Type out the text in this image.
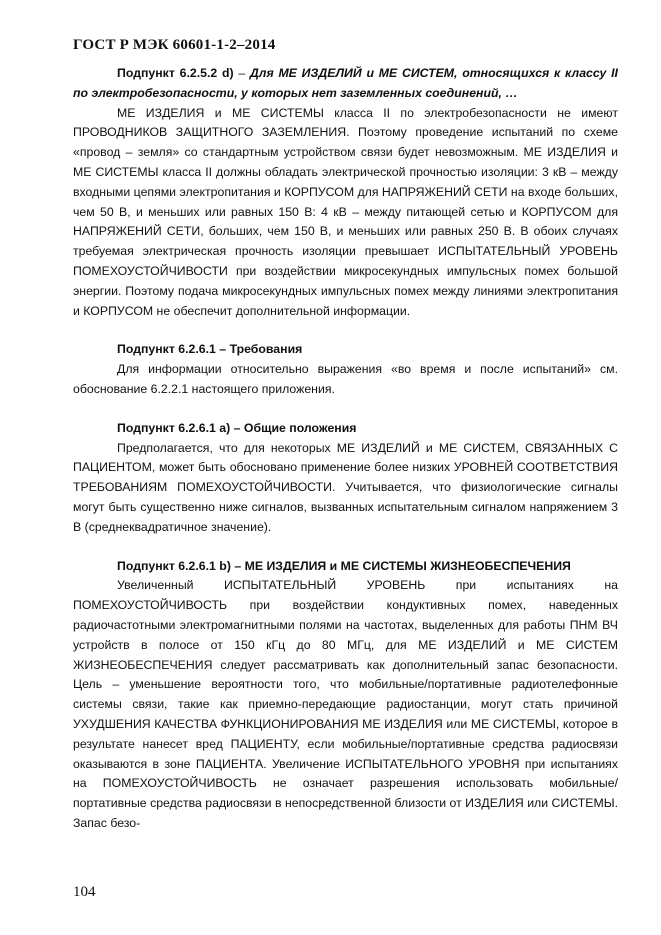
ГОСТ Р МЭК 60601-1-2–2014

Подпункт 6.2.5.2 d) – Для МЕ ИЗДЕЛИЙ и МЕ СИСТЕМ, относящихся к классу II по электробезопасности, у которых нет заземленных соединений, …

МЕ ИЗДЕЛИЯ и МЕ СИСТЕМЫ класса II по электробезопасности не имеют ПРОВОДНИКОВ ЗАЩИТНОГО ЗАЗЕМЛЕНИЯ. Поэтому проведение испытаний по схеме «провод – земля» со стандартным устройством связи будет невозможным. МЕ ИЗДЕЛИЯ и МЕ СИСТЕМЫ класса II должны обладать электрической прочностью изоляции: 3 кВ – между входными цепями электропитания и КОРПУСОМ для НАПРЯЖЕНИЙ СЕТИ на входе больших, чем 50 В, и меньших или равных 150 В: 4 кВ – между питающей сетью и КОРПУСОМ для НАПРЯЖЕНИЙ СЕТИ, больших, чем 150 В, и меньших или равных 250 В. В обоих случаях требуемая электрическая прочность изоляции превышает ИСПЫТАТЕЛЬНЫЙ УРОВЕНЬ ПОМЕХОУСТОЙЧИВОСТИ при воздействии микросекундных импульсных помех большой энергии. Поэтому подача микросекундных импульсных помех между линиями электропитания и КОРПУСОМ не обеспечит дополнительной информации.

Подпункт 6.2.6.1 – Требования

Для информации относительно выражения «во время и после испытаний» см. обоснование 6.2.2.1 настоящего приложения.

Подпункт 6.2.6.1 а) – Общие положения

Предполагается, что для некоторых МЕ ИЗДЕЛИЙ и МЕ СИСТЕМ, СВЯЗАННЫХ С ПАЦИЕНТОМ, может быть обосновано применение более низких УРОВНЕЙ СООТВЕТСТВИЯ ТРЕБОВАНИЯМ ПОМЕХОУСТОЙЧИВОСТИ. Учитывается, что физиологические сигналы могут быть существенно ниже сигналов, вызванных испытательным сигналом напряжением 3 В (среднеквадратичное значение).

Подпункт 6.2.6.1 b) – МЕ ИЗДЕЛИЯ и МЕ СИСТЕМЫ ЖИЗНЕОБЕСПЕЧЕНИЯ

Увеличенный ИСПЫТАТЕЛЬНЫЙ УРОВЕНЬ при испытаниях на ПОМЕХОУСТОЙЧИВОСТЬ при воздействии кондуктивных помех, наведенных радиочастотными электромагнитными полями на частотах, выделенных для работы ПНМ ВЧ устройств в полосе от 150 кГц до 80 МГц, для МЕ ИЗДЕЛИЙ и МЕ СИСТЕМ ЖИЗНЕОБЕСПЕЧЕНИЯ следует рассматривать как дополнительный запас безопасности. Цель – уменьшение вероятности того, что мобильные/портативные радиотелефонные системы связи, такие как приемно-передающие радиостанции, могут стать причиной УХУДШЕНИЯ КАЧЕСТВА ФУНКЦИОНИРОВАНИЯ МЕ ИЗДЕЛИЯ или МЕ СИСТЕМЫ, которое в результате нанесет вред ПАЦИЕНТУ, если мобильные/портативные средства радиосвязи оказываются в зоне ПАЦИЕНТА. Увеличение ИСПЫТАТЕЛЬНОГО УРОВНЯ при испытаниях на ПОМЕХОУСТОЙЧИВОСТЬ не означает разрешения использовать мобильные/ портативные средства радиосвязи в непосредственной близости от ИЗДЕЛИЯ или СИСТЕМЫ. Запас безо-

104
